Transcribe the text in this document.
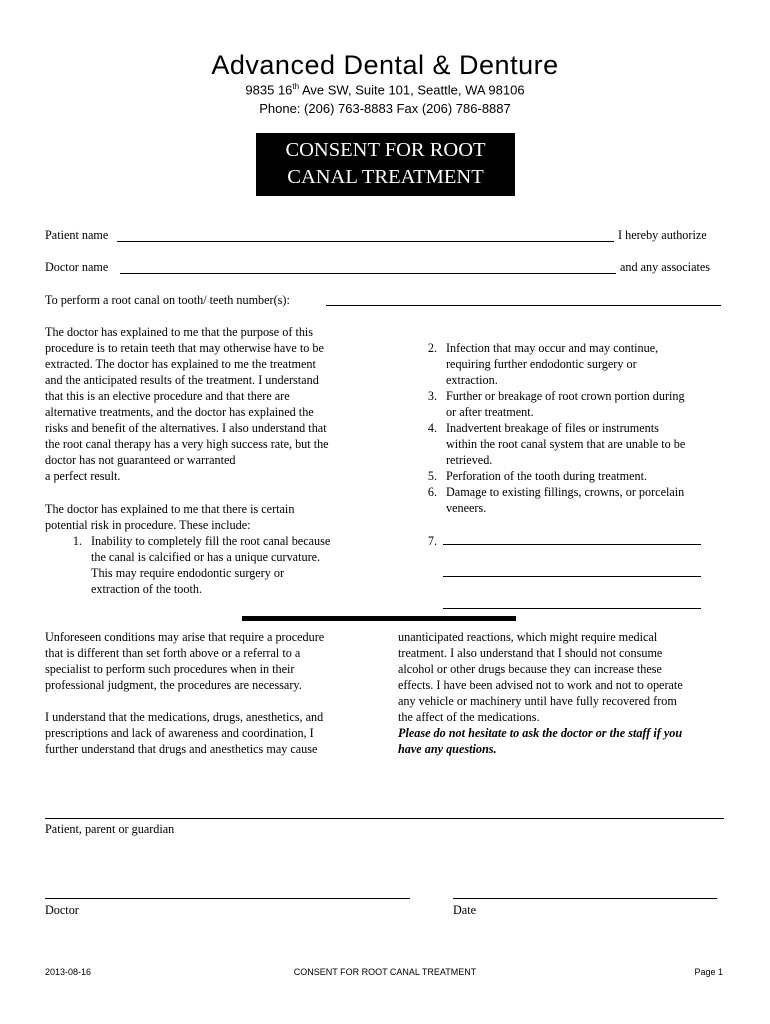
Advanced Dental & Denture
9835 16th Ave SW, Suite 101, Seattle, WA 98106
Phone: (206) 763-8883 Fax (206) 786-8887
CONSENT FOR ROOT
CANAL TREATMENT
Patient name	I hereby authorize
Doctor name	and any associates
To perform a root canal on tooth/ teeth number(s):
The doctor has explained to me that the purpose of this
procedure is to retain teeth that may otherwise have to be
extracted. The doctor has explained to me the treatment
and the anticipated results of the treatment. I understand
that this is an elective procedure and that there are
alternative treatments, and the doctor has explained the
risks and benefit of the alternatives. I also understand that
the root canal therapy has a very high success rate, but the
doctor has not guaranteed or warranted
a perfect result.
The doctor has explained to me that there is certain
potential risk in procedure. These include:
1. Inability to completely fill the root canal because
the canal is calcified or has a unique curvature.
This may require endodontic surgery or
extraction of the tooth.
2. Infection that may occur and may continue,
requiring further endodontic surgery or
extraction.
3. Further or breakage of root crown portion during
or after treatment.
4. Inadvertent breakage of files or instruments
within the root canal system that are unable to be
retrieved.
5. Perforation of the tooth during treatment.
6. Damage to existing fillings, crowns, or porcelain
veneers.
7.
Unforeseen conditions may arise that require a procedure
that is different than set forth above or a referral to a
specialist to perform such procedures when in their
professional judgment, the procedures are necessary.
I understand that the medications, drugs, anesthetics, and
prescriptions and lack of awareness and coordination, I
further understand that drugs and anesthetics may cause
unanticipated reactions, which might require medical
treatment. I also understand that I should not consume
alcohol or other drugs because they can increase these
effects. I have been advised not to work and not to operate
any vehicle or machinery until have fully recovered from
the affect of the medications.
Please do not hesitate to ask the doctor or the staff if you
have any questions.
Patient, parent or guardian
Doctor	Date
2013-08-16	CONSENT FOR ROOT CANAL TREATMENT	Page 1
